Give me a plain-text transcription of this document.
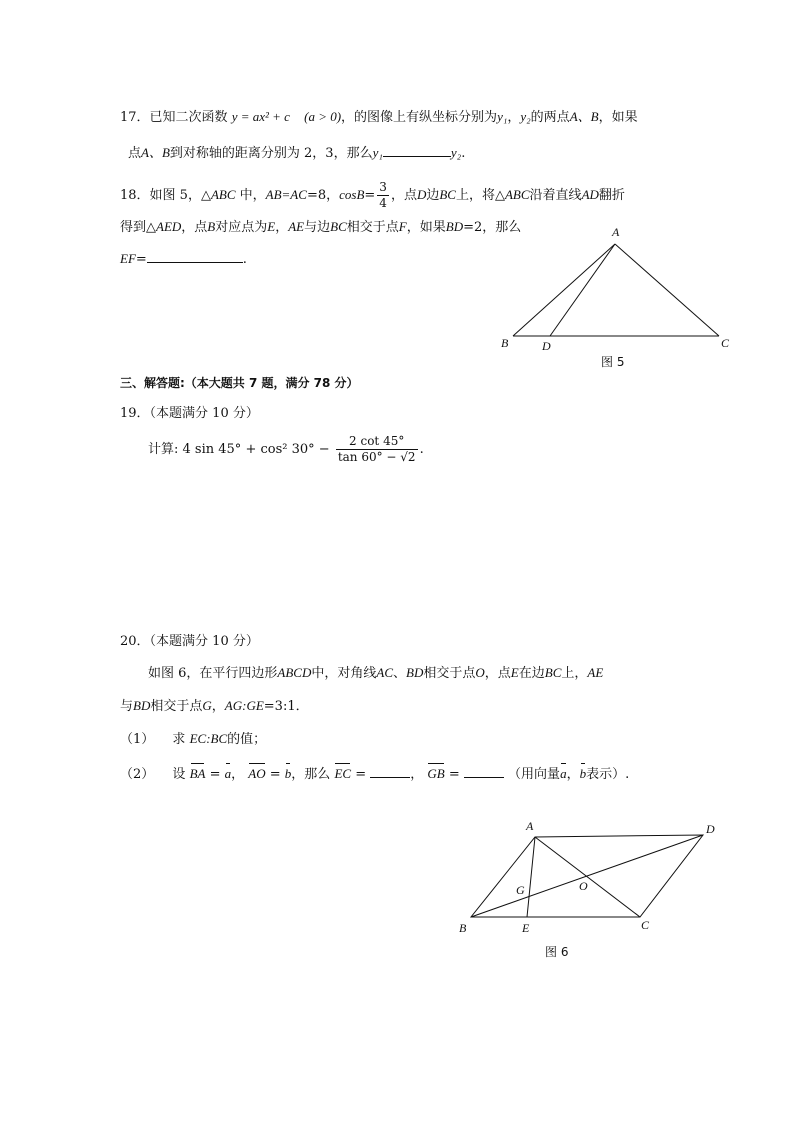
17．已知二次函数 y = ax² + c (a > 0)，的图像上有纵坐标分别为y₁，y₂的两点A、B，如果
点A、B到对称轴的距离分别为 2，3，那么y₁	y₂.
18．如图 5，△ABC 中，AB=AC=8，$\cos B= \frac{3}{4}$ ，点D边BC上，将△ABC沿着直线AD翻折
得到△AED，点B对应点为E，AE与边BC相交于点F，如果BD=2，那么
EF=	.
A
B	D	C
图 5
三、解答题:（本大题共 7 题，满分 78 分）
19．（本题满分 10 分）
计算: 4 sin 45° + cos² $30^\circ - \frac{2 \cot 45^\circ}{\tan 60^\circ - √2}$ .
20．（本题满分 10 分）
如图 6，在平行四边形ABCD中，对角线AC、BD相交于点O，点E在边BC上，AE
与BD相交于点G，AG:GE=3:1．
（1） 求 EC:BC的值；
（2） 设 BA = a， AO = b，那么 EC =	， GB =	（用向量a，b表示）.
A	D
G	O
B	E	C
图 6
